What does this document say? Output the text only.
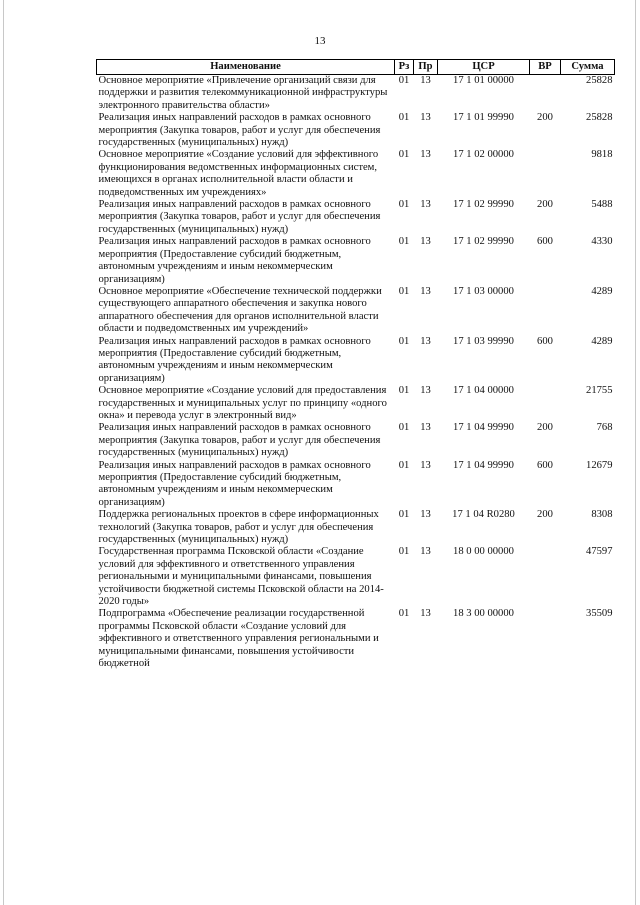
13
Наименование	Рз	Пр	ЦСР	ВР	Сумма
Основное мероприятие «Привлечение организаций связи для поддержки и развития телекоммуникационной инфраструктуры электронного правительства области»	01	13	17 1 01 00000		25828
Реализация иных направлений расходов в рамках основного мероприятия (Закупка товаров, работ и услуг для обеспечения государственных (муниципальных) нужд)	01	13	17 1 01 99990	200	25828
Основное мероприятие «Создание условий для эффективного функционирования ведомственных информационных систем, имеющихся в органах исполнительной власти области и подведомственных им учреждениях»	01	13	17 1 02 00000		9818
Реализация иных направлений расходов в рамках основного мероприятия (Закупка товаров, работ и услуг для обеспечения государственных (муниципальных) нужд)	01	13	17 1 02 99990	200	5488
Реализация иных направлений расходов в рамках основного мероприятия (Предоставление субсидий бюджетным, автономным учреждениям и иным некоммерческим организациям)	01	13	17 1 02 99990	600	4330
Основное мероприятие «Обеспечение технической поддержки существующего аппаратного обеспечения и закупка нового аппаратного обеспечения для органов исполнительной власти области и подведомственных им учреждений»	01	13	17 1 03 00000		4289
Реализация иных направлений расходов в рамках основного мероприятия (Предоставление субсидий бюджетным, автономным учреждениям и иным некоммерческим организациям)	01	13	17 1 03 99990	600	4289
Основное мероприятие «Создание условий для предоставления государственных и муниципальных услуг по принципу «одного окна» и перевода услуг в электронный вид»	01	13	17 1 04 00000		21755
Реализация иных направлений расходов в рамках основного мероприятия (Закупка товаров, работ и услуг для обеспечения государственных (муниципальных) нужд)	01	13	17 1 04 99990	200	768
Реализация иных направлений расходов в рамках основного мероприятия (Предоставление субсидий бюджетным, автономным учреждениям и иным некоммерческим организациям)	01	13	17 1 04 99990	600	12679
Поддержка региональных проектов в сфере информационных технологий (Закупка товаров, работ и услуг для обеспечения государственных (муниципальных) нужд)	01	13	17 1 04 R0280	200	8308
Государственная программа Псковской области «Создание условий для эффективного и ответственного управления региональными и муниципальными финансами, повышения устойчивости бюджетной системы Псковской области на 2014-2020 годы»	01	13	18 0 00 00000		47597
Подпрограмма «Обеспечение реализации государственной программы Псковской области «Создание условий для эффективного и ответственного управления региональными и муниципальными финансами, повышения устойчивости бюджетной	01	13	18 3 00 00000		35509
